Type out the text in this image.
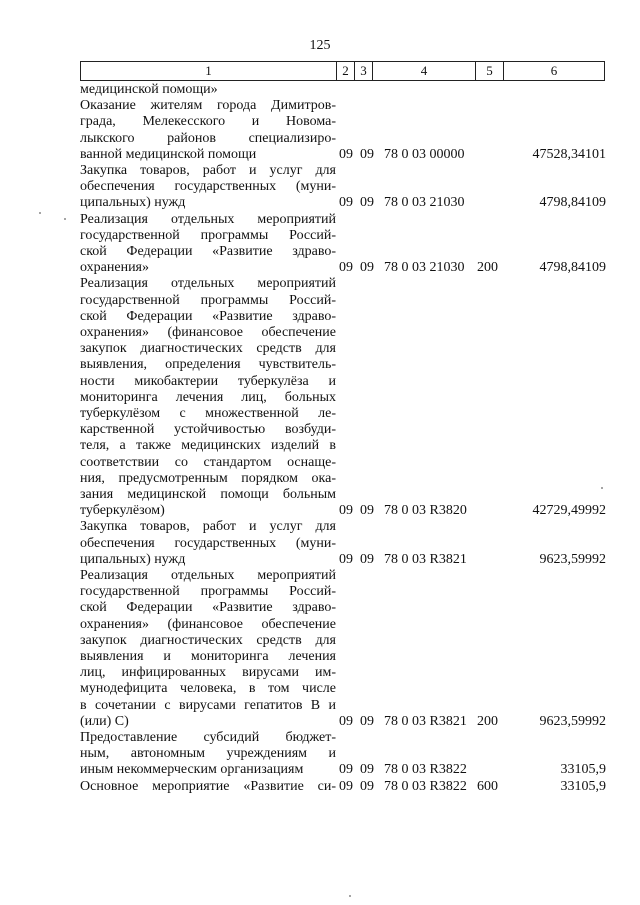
125
1	2 3	4	5	6
медицинской помощи»
Оказание жителям города Димитров-
града, Мелекесского и Новома-
лыкского районов специализиро-
ванной медицинской помощи	09 09 78 0 03 00000	47528,34101
Закупка товаров, работ и услуг для
обеспечения государственных (муни-
ципальных) нужд	09 09 78 0 03 21030	4798,84109
Реализация отдельных мероприятий
государственной программы Россий-
ской Федерации «Развитие здраво-
охранения»	09 09 78 0 03 21030 200	4798,84109
Реализация отдельных мероприятий
государственной программы Россий-
ской Федерации «Развитие здраво-
охранения» (финансовое обеспечение
закупок диагностических средств для
выявления, определения чувствитель-
ности микобактерии туберкулёза и
мониторинга лечения лиц, больных
туберкулёзом с множественной ле-
карственной устойчивостью возбуди-
теля, а также медицинских изделий в
соответствии со стандартом оснаще-
ния, предусмотренным порядком ока-
зания медицинской помощи больным
туберкулёзом)	09 09 78 0 03 R3820	42729,49992
Закупка товаров, работ и услуг для
обеспечения государственных (муни-
ципальных) нужд	09 09 78 0 03 R3821	9623,59992
Реализация отдельных мероприятий
государственной программы Россий-
ской Федерации «Развитие здраво-
охранения» (финансовое обеспечение
закупок диагностических средств для
выявления и мониторинга лечения
лиц, инфицированных вирусами им-
мунодефицита человека, в том числе
в сочетании с вирусами гепатитов B и
(или) C)	09 09 78 0 03 R3821 200	9623,59992
Предоставление субсидий бюджет-
ным, автономным учреждениям и
иным некоммерческим организациям	09 09 78 0 03 R3822	33105,9
Основное мероприятие «Развитие си- 09 09 78 0 03 R3822 600	33105,9
